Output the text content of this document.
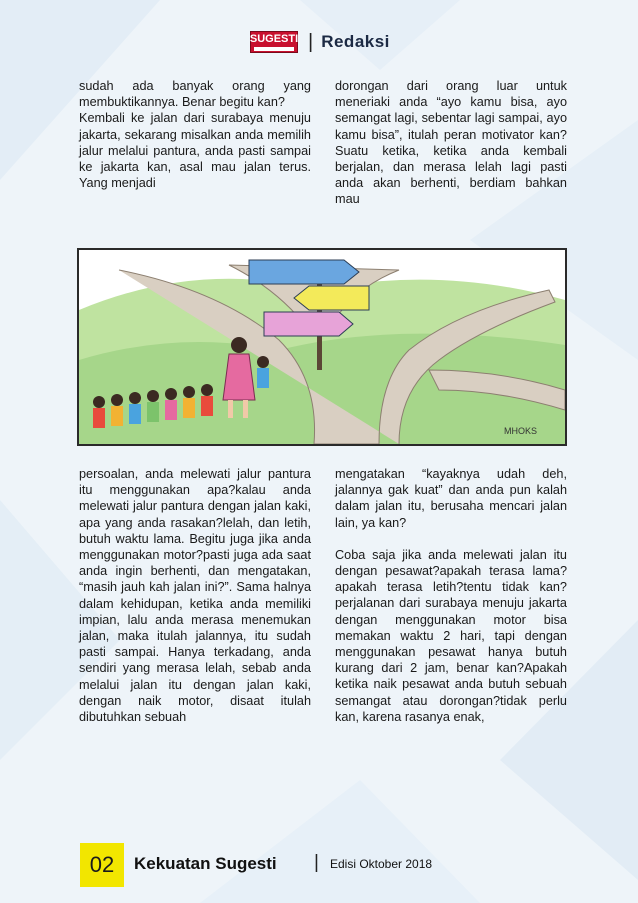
SUGESTI | Redaksi

sudah ada banyak orang yang membuktikannya. Benar begitu kan?

Kembali ke jalan dari surabaya menuju jakarta, sekarang misalkan anda memilih jalur melalui pantura, anda pasti sampai ke jakarta kan, asal mau jalan terus. Yang menjadi

dorongan dari orang luar untuk meneriaki anda “ayo kamu bisa, ayo semangat lagi, sebentar lagi sampai, ayo kamu bisa”, itulah peran motivator kan? Suatu ketika, ketika anda kembali berjalan, dan merasa lelah lagi pasti anda akan berhenti, berdiam bahkan mau

MHOKS

persoalan, anda melewati jalur pantura itu menggunakan apa?kalau anda melewati jalur pantura dengan jalan kaki, apa yang anda rasakan?lelah, dan letih, butuh waktu lama. Begitu juga jika anda menggunakan motor?pasti juga ada saat anda ingin berhenti, dan mengatakan, “masih jauh kah jalan ini?”. Sama halnya dalam kehidupan, ketika anda memiliki impian, lalu anda merasa menemukan jalan, maka itulah jalannya, itu sudah pasti sampai. Hanya terkadang, anda sendiri yang merasa lelah, sebab anda melalui jalan itu dengan jalan kaki, dengan naik motor, disaat itulah dibutuhkan sebuah

mengatakan “kayaknya udah deh, jalannya gak kuat” dan anda pun kalah dalam jalan itu, berusaha mencari jalan lain, ya kan?

Coba saja jika anda melewati jalan itu dengan pesawat?apakah terasa lama?apakah terasa letih?tentu tidak kan?perjalanan dari surabaya menuju jakarta dengan menggunakan motor bisa memakan waktu 2 hari, tapi dengan menggunakan pesawat hanya butuh kurang dari 2 jam, benar kan?Apakah ketika naik pesawat anda butuh sebuah semangat atau dorongan?tidak perlu kan, karena rasanya enak,

02	Kekuatan Sugesti | Edisi Oktober 2018
